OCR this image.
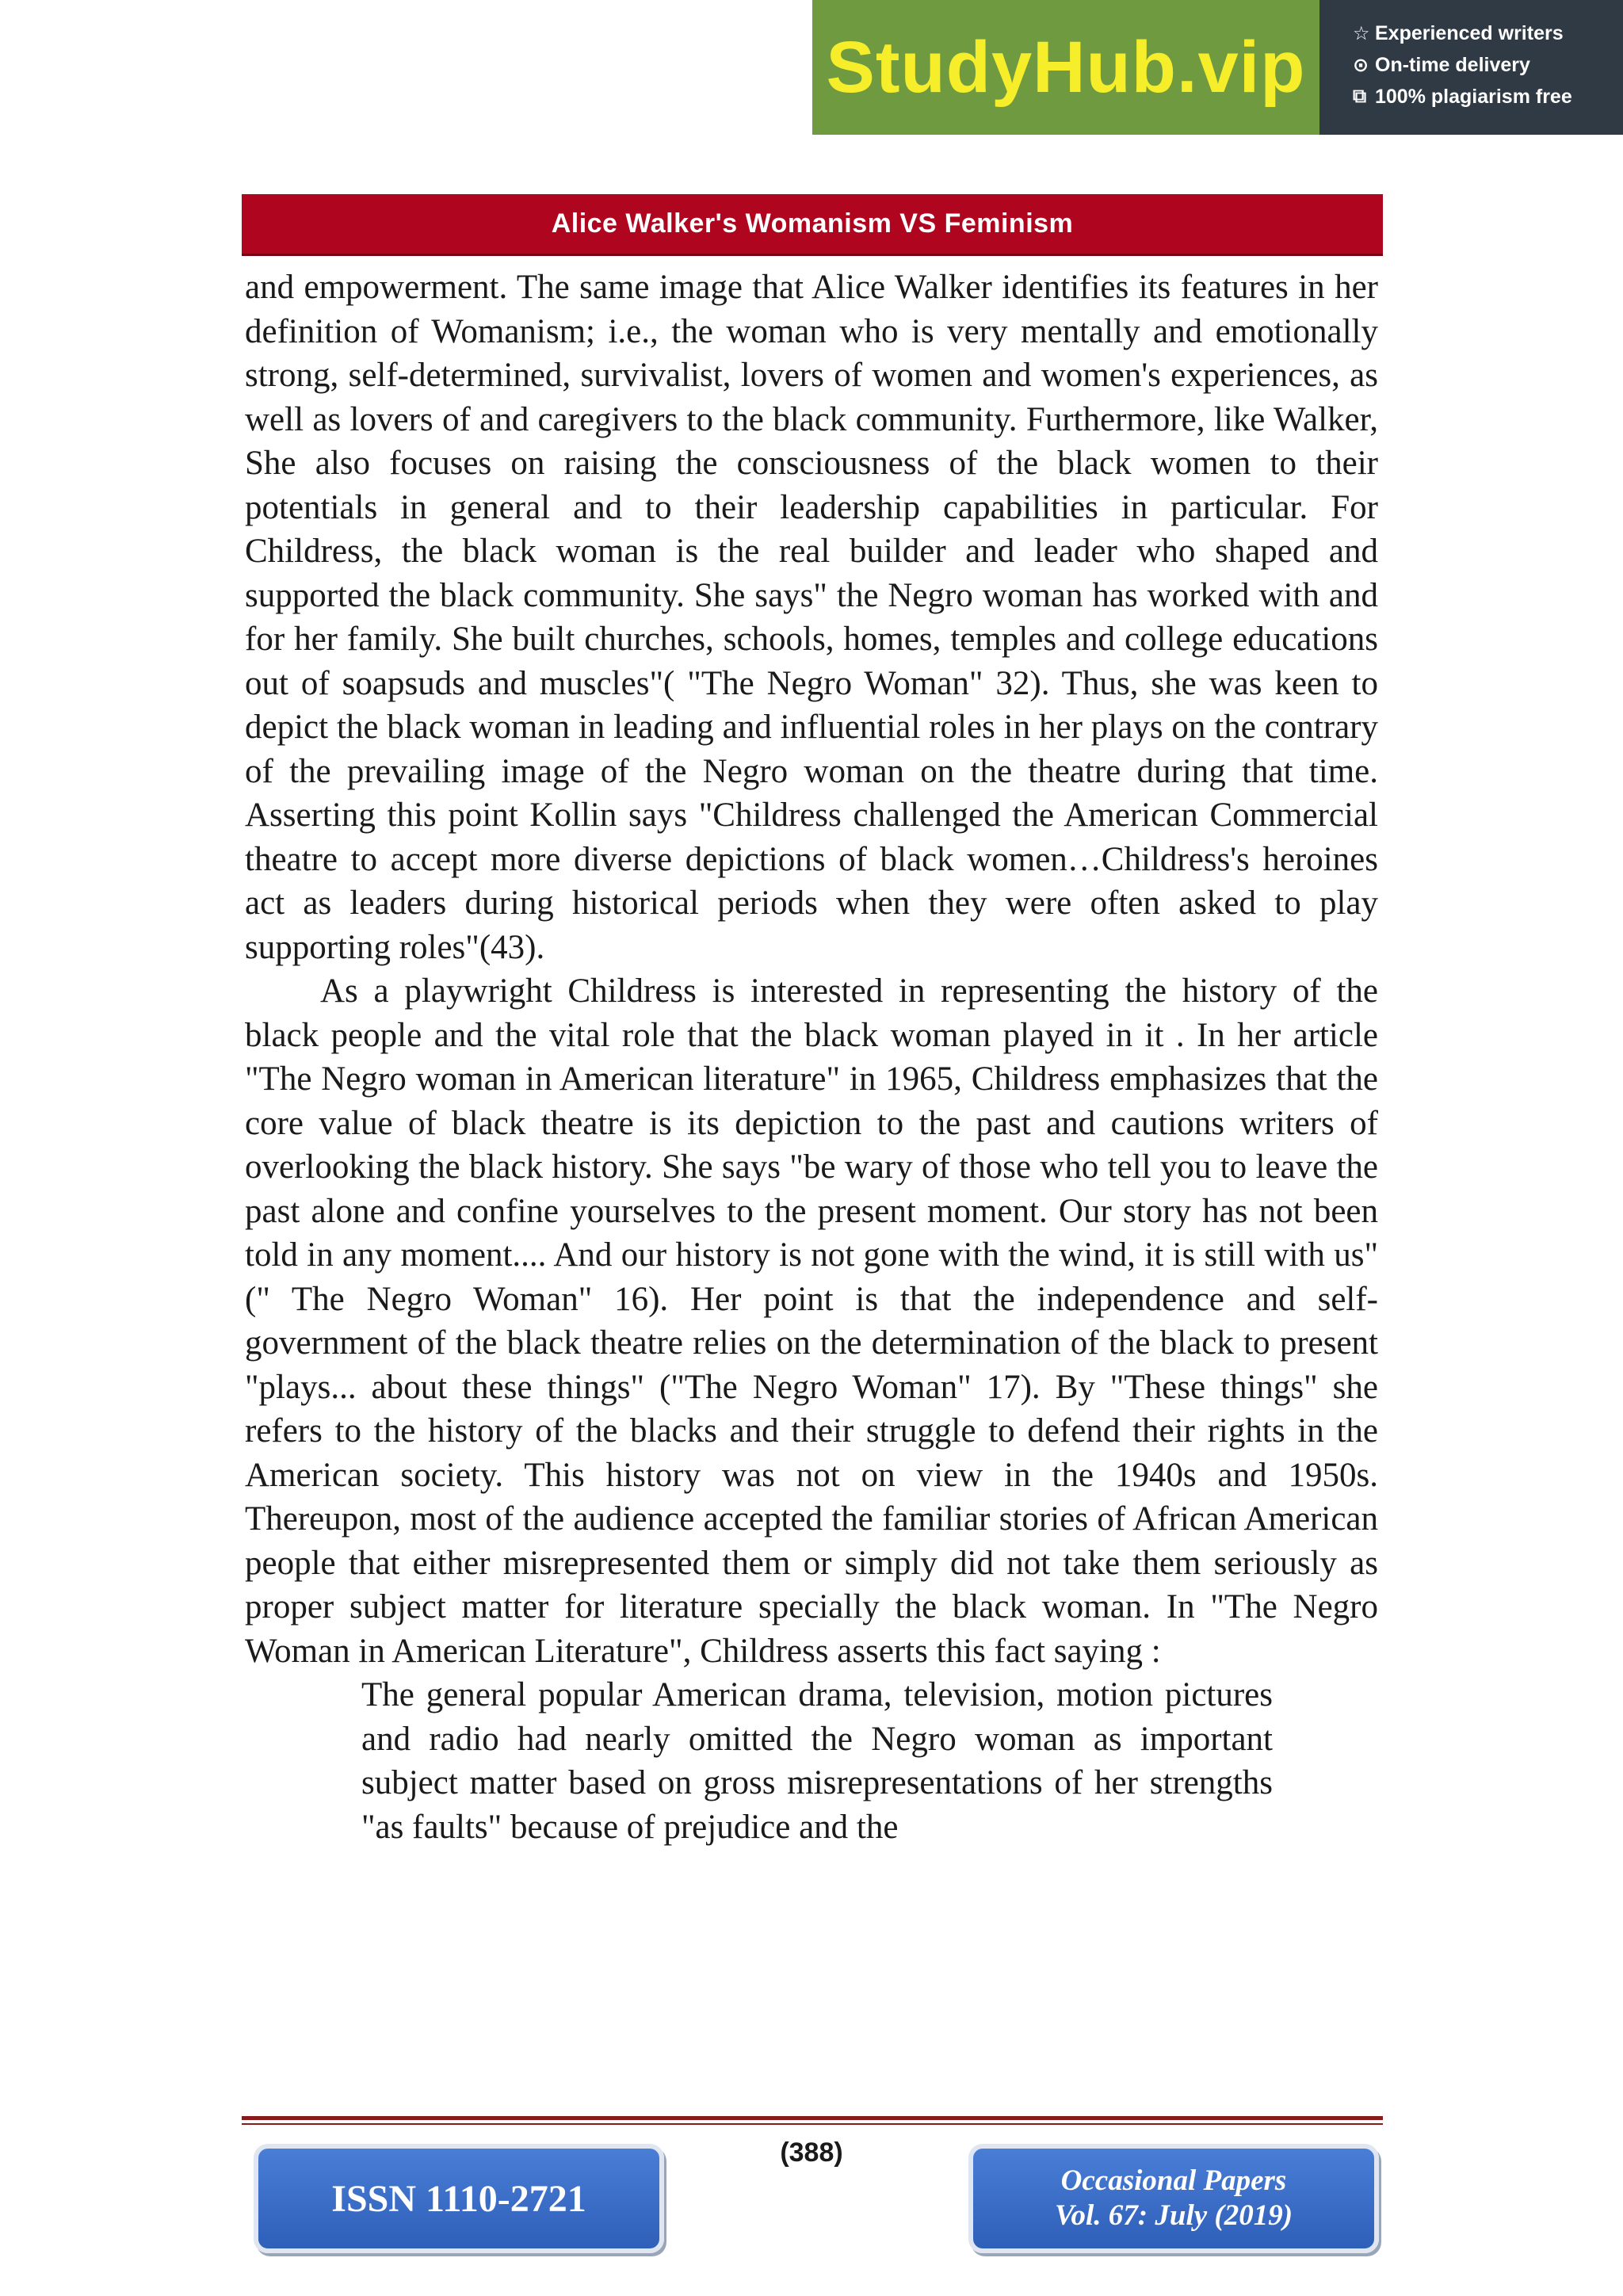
StudyHub.vip	☆ Experienced writers
⊙ On-time delivery
⧉ 100% plagiarism free
Alice Walker's Womanism VS Feminism

and empowerment. The same image that Alice Walker identifies its features in her definition of Womanism; i.e., the woman who is very mentally and emotionally strong, self-determined, survivalist, lovers of women and women's experiences, as well as lovers of and caregivers to the black community. Furthermore, like Walker, She also focuses on raising the consciousness of the black women to their potentials in general and to their leadership capabilities in particular. For Childress, the black woman is the real builder and leader who shaped and supported the black community. She says" the Negro woman has worked with and for her family. She built churches, schools, homes, temples and college educations out of soapsuds and muscles"( "The Negro Woman" 32). Thus, she was keen to depict the black woman in leading and influential roles in her plays on the contrary of the prevailing image of the Negro woman on the theatre during that time. Asserting this point Kollin says "Childress challenged the American Commercial theatre to accept more diverse depictions of black women…Childress's heroines act as leaders during historical periods when they were often asked to play supporting roles"(43).

As a playwright Childress is interested in representing the history of the black people and the vital role that the black woman played in it . In her article "The Negro woman in American literature" in 1965, Childress emphasizes that the core value of black theatre is its depiction to the past and cautions writers of overlooking the black history. She says "be wary of those who tell you to leave the past alone and confine yourselves to the present moment. Our story has not been told in any moment.... And our history is not gone with the wind, it is still with us" (" The Negro Woman" 16). Her point is that the independence and self-government of the black theatre relies on the determination of the black to present "plays... about these things" ("The Negro Woman" 17). By "These things" she refers to the history of the blacks and their struggle to defend their rights in the American society. This history was not on view in the 1940s and 1950s. Thereupon, most of the audience accepted the familiar stories of African American people that either misrepresented them or simply did not take them seriously as proper subject matter for literature specially the black woman. In "The Negro Woman in American Literature", Childress asserts this fact saying :

The general popular American drama, television, motion pictures and radio had nearly omitted the Negro woman as important subject matter based on gross misrepresentations of her strengths "as faults" because of prejudice and the

(388)
ISSN 1110-2721	Occasional Papers
Vol. 67: July (2019)
